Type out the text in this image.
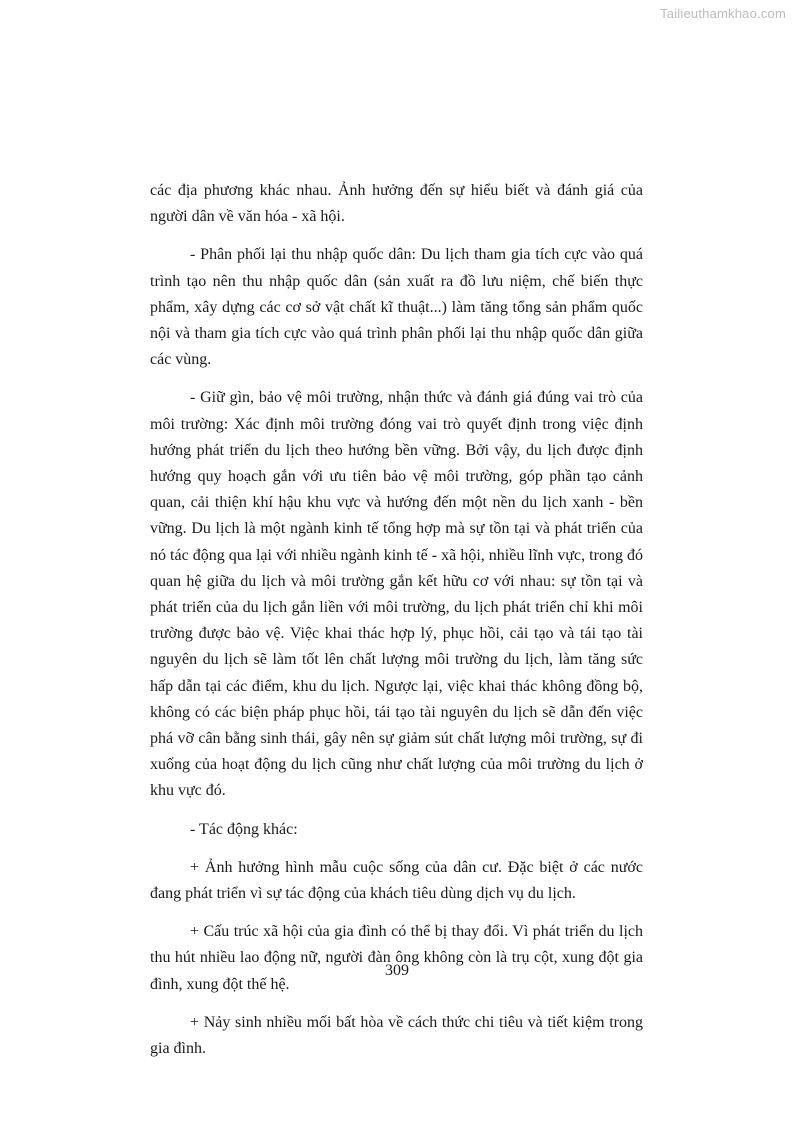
Tailieuthamkhao.com

các địa phương khác nhau. Ảnh hưởng đến sự hiểu biết và đánh giá của người dân về văn hóa - xã hội.

- Phân phối lại thu nhập quốc dân: Du lịch tham gia tích cực vào quá trình tạo nên thu nhập quốc dân (sản xuất ra đồ lưu niệm, chế biến thực phẩm, xây dựng các cơ sở vật chất kĩ thuật...) làm tăng tổng sản phẩm quốc nội và tham gia tích cực vào quá trình phân phối lại thu nhập quốc dân giữa các vùng.

- Giữ gìn, bảo vệ môi trường, nhận thức và đánh giá đúng vai trò của môi trường: Xác định môi trường đóng vai trò quyết định trong việc định hướng phát triển du lịch theo hướng bền vững. Bởi vậy, du lịch được định hướng quy hoạch gắn với ưu tiên bảo vệ môi trường, góp phần tạo cảnh quan, cải thiện khí hậu khu vực và hướng đến một nền du lịch xanh - bền vững. Du lịch là một ngành kinh tế tổng hợp mà sự tồn tại và phát triển của nó tác động qua lại với nhiều ngành kinh tế - xã hội, nhiều lĩnh vực, trong đó quan hệ giữa du lịch và môi trường gắn kết hữu cơ với nhau: sự tồn tại và phát triển của du lịch gắn liền với môi trường, du lịch phát triển chỉ khi môi trường được bảo vệ. Việc khai thác hợp lý, phục hồi, cải tạo và tái tạo tài nguyên du lịch sẽ làm tốt lên chất lượng môi trường du lịch, làm tăng sức hấp dẫn tại các điểm, khu du lịch. Ngược lại, việc khai thác không đồng bộ, không có các biện pháp phục hồi, tái tạo tài nguyên du lịch sẽ dẫn đến việc phá vỡ cân bằng sinh thái, gây nên sự giảm sút chất lượng môi trường, sự đi xuống của hoạt động du lịch cũng như chất lượng của môi trường du lịch ở khu vực đó.

- Tác động khác:

+ Ảnh hưởng hình mẫu cuộc sống của dân cư. Đặc biệt ở các nước đang phát triển vì sự tác động của khách tiêu dùng dịch vụ du lịch.

+ Cấu trúc xã hội của gia đình có thể bị thay đổi. Vì phát triển du lịch thu hút nhiều lao động nữ, người đàn ông không còn là trụ cột, xung đột gia đình, xung đột thế hệ.

+ Nảy sinh nhiều mối bất hòa về cách thức chi tiêu và tiết kiệm trong gia đình.

309
